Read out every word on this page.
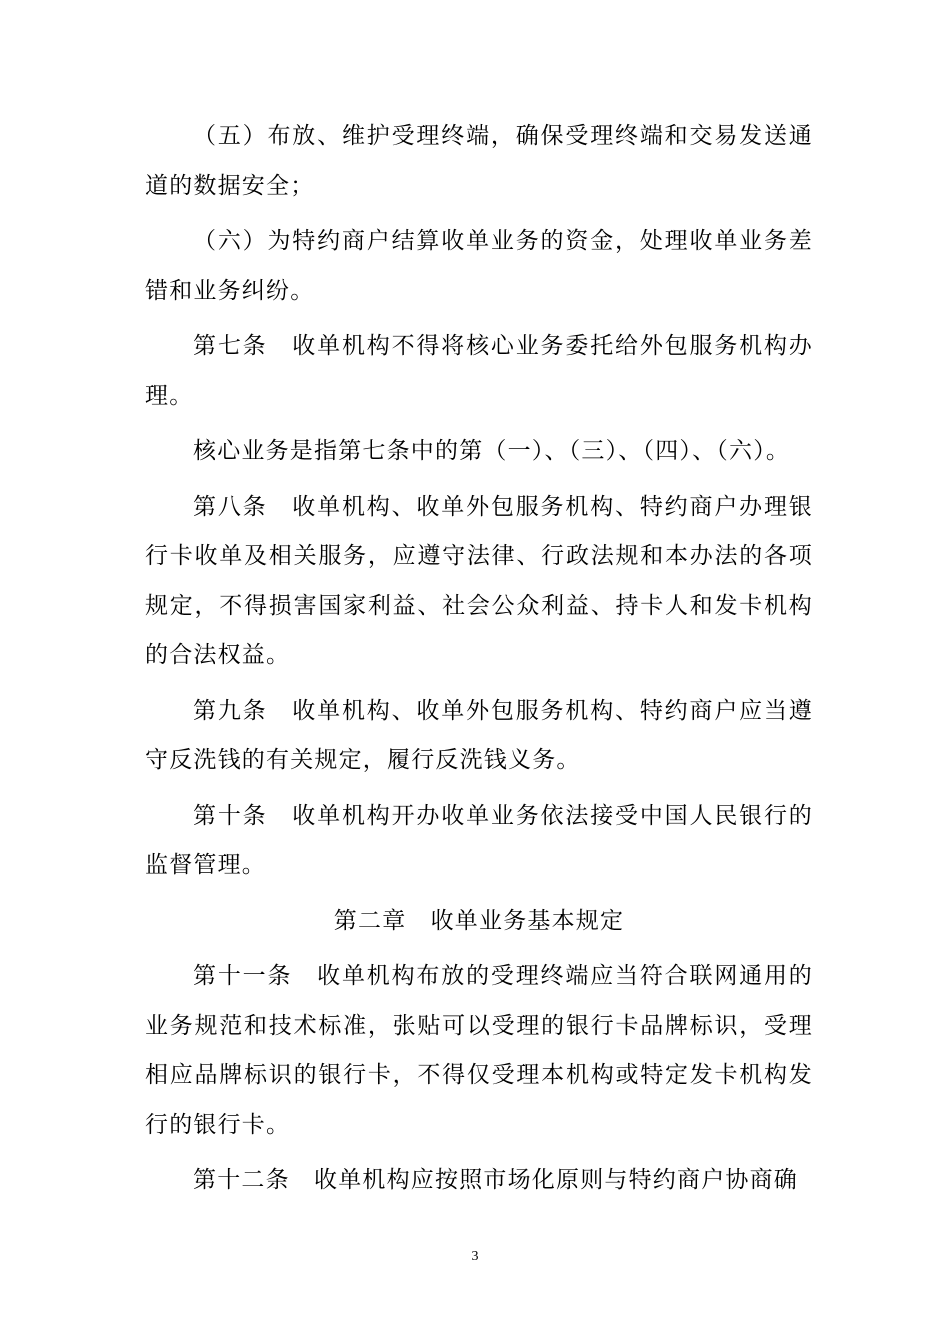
（五）布放、维护受理终端，确保受理终端和交易发送通道的数据安全；

（六）为特约商户结算收单业务的资金，处理收单业务差错和业务纠纷。

第七条　收单机构不得将核心业务委托给外包服务机构办理。

核心业务是指第七条中的第（一）、（三）、（四）、（六）。

第八条　收单机构、收单外包服务机构、特约商户办理银行卡收单及相关服务，应遵守法律、行政法规和本办法的各项规定，不得损害国家利益、社会公众利益、持卡人和发卡机构的合法权益。

第九条　收单机构、收单外包服务机构、特约商户应当遵守反洗钱的有关规定，履行反洗钱义务。

第十条　收单机构开办收单业务依法接受中国人民银行的监督管理。

第二章　收单业务基本规定

第十一条　收单机构布放的受理终端应当符合联网通用的业务规范和技术标准，张贴可以受理的银行卡品牌标识，受理相应品牌标识的银行卡，不得仅受理本机构或特定发卡机构发行的银行卡。

第十二条　收单机构应按照市场化原则与特约商户协商确

3
